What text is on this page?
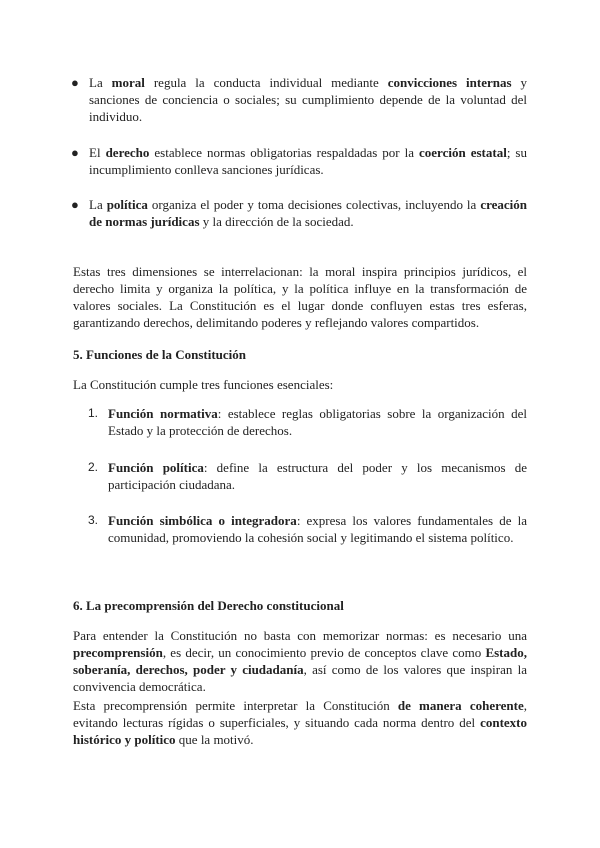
● La moral regula la conducta individual mediante convicciones internas y sanciones de conciencia o sociales; su cumplimiento depende de la voluntad del individuo.
● El derecho establece normas obligatorias respaldadas por la coerción estatal; su incumplimiento conlleva sanciones jurídicas.
● La política organiza el poder y toma decisiones colectivas, incluyendo la creación de normas jurídicas y la dirección de la sociedad.

Estas tres dimensiones se interrelacionan: la moral inspira principios jurídicos, el derecho limita y organiza la política, y la política influye en la transformación de valores sociales. La Constitución es el lugar donde confluyen estas tres esferas, garantizando derechos, delimitando poderes y reflejando valores compartidos.

5. Funciones de la Constitución

La Constitución cumple tres funciones esenciales:

1. Función normativa: establece reglas obligatorias sobre la organización del Estado y la protección de derechos.
2. Función política: define la estructura del poder y los mecanismos de participación ciudadana.
3. Función simbólica o integradora: expresa los valores fundamentales de la comunidad, promoviendo la cohesión social y legitimando el sistema político.
6. La precomprensión del Derecho constitucional

Para entender la Constitución no basta con memorizar normas: es necesario una precomprensión, es decir, un conocimiento previo de conceptos clave como Estado, soberanía, derechos, poder y ciudadanía, así como de los valores que inspiran la convivencia democrática.

Esta precomprensión permite interpretar la Constitución de manera coherente, evitando lecturas rígidas o superficiales, y situando cada norma dentro del contexto histórico y político que la motivó.
